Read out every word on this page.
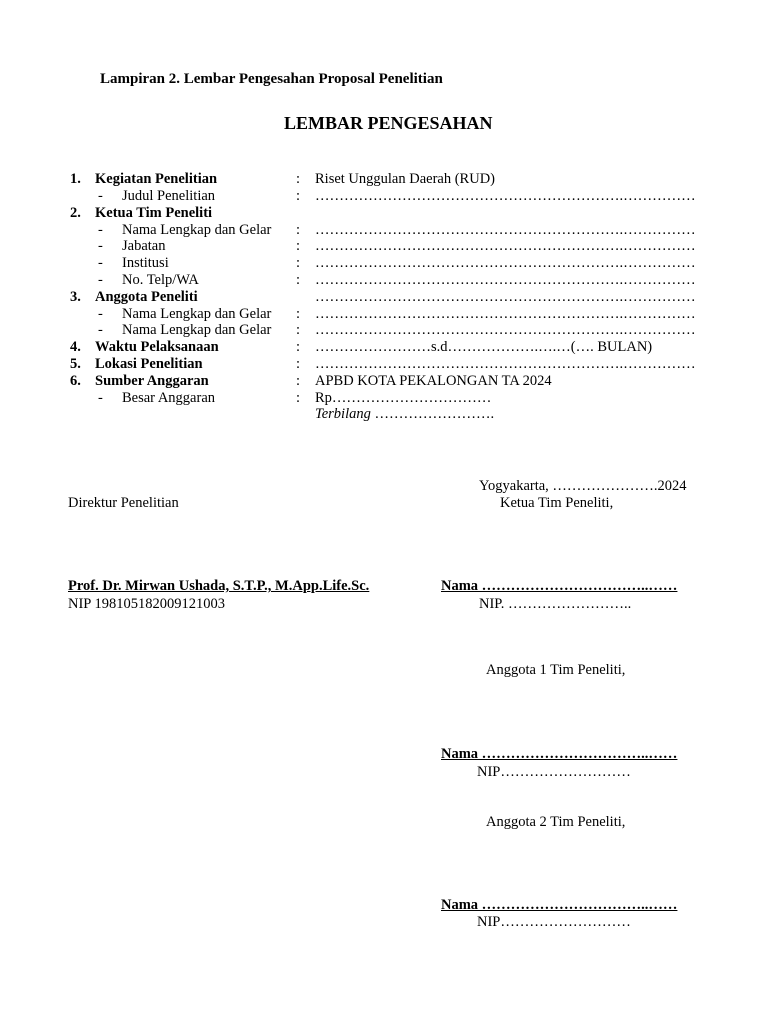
Lampiran 2. Lembar Pengesahan Proposal Penelitian
LEMBAR PENGESAHAN
1. Kegiatan Penelitian	: Riset Unggulan Daerah (RUD)
- Judul Penelitian	: ……………………………………………………….……………
2. Ketua Tim Peneliti
- Nama Lengkap dan Gelar : ……………………………………………………….……………
- Jabatan	: ……………………………………………………….……………
- Institusi	: ……………………………………………………….……………
- No. Telp/WA	: ……………………………………………………….……………
3. Anggota Peneliti	……………………………………………………….……………
- Nama Lengkap dan Gelar : ……………………………………………………….……………
- Nama Lengkap dan Gelar : ……………………………………………………….……………
4. Waktu Pelaksanaan	: ……………………s.d……………….….…(…. BULAN)
5. Lokasi Penelitian	: ……………………………………………………….……………
6. Sumber Anggaran	: APBD KOTA PEKALONGAN TA 2024
- Besar Anggaran	: Rp……………………………
Terbilang …………………….
Yogyakarta, ………………….2024
Direktur Penelitian	Ketua Tim Peneliti,
Prof. Dr. Mirwan Ushada, S.T.P., M.App.Life.Sc.
NIP 198105182009121003
Nama ……………………………..……
NIP. ……………………..
Anggota 1 Tim Peneliti,
Nama ……………………………..……
NIP………………………
Anggota 2 Tim Peneliti,
Nama ……………………………..……
NIP………………………
